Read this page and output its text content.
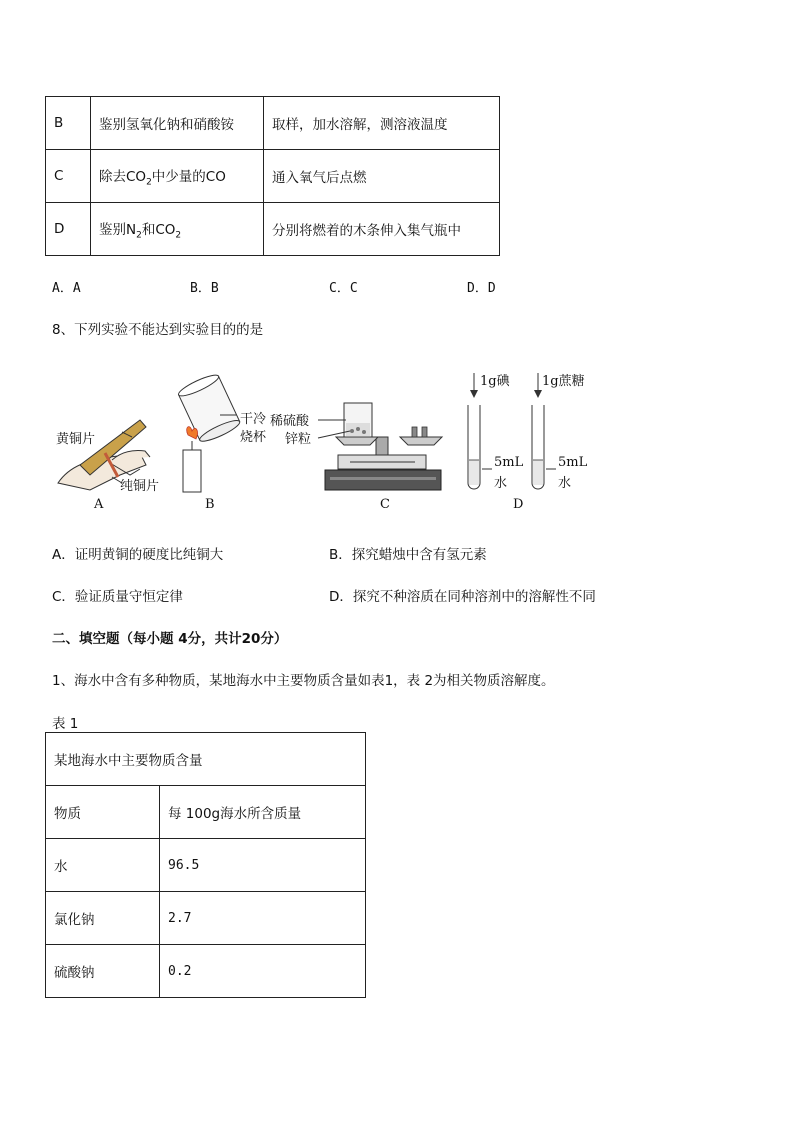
B	鉴别氢氧化钠和硝酸铵	取样，加水溶解，测溶液温度
C	除去$CO_2$中少量的CO	通入氧气后点燃
D	鉴别$N_2$和$CO_2$	分别将燃着的木条伸入集气瓶中
A．A	B．B	C．C	D．D
8、下列实验不能达到实验目的的是
黄铜片
纯铜片
A
干冷
烧杯
B
稀硫酸
锌粒
C
1g碘 1g蔗糖
5mL
水
5mL
水
D
A．证明黄铜的硬度比纯铜大	B．探究蜡烛中含有氢元素
C．验证质量守恒定律	D．探究不种溶质在同种溶剂中的溶解性不同
二、填空题（每小题 4分，共计20分）
1、海水中含有多种物质，某地海水中主要物质含量如表1，表 2为相关物质溶解度。
表 1
某地海水中主要物质含量	
物质	每 100g海水所含质量
水	96.5
氯化钠	2.7
硫酸钠	0.2
